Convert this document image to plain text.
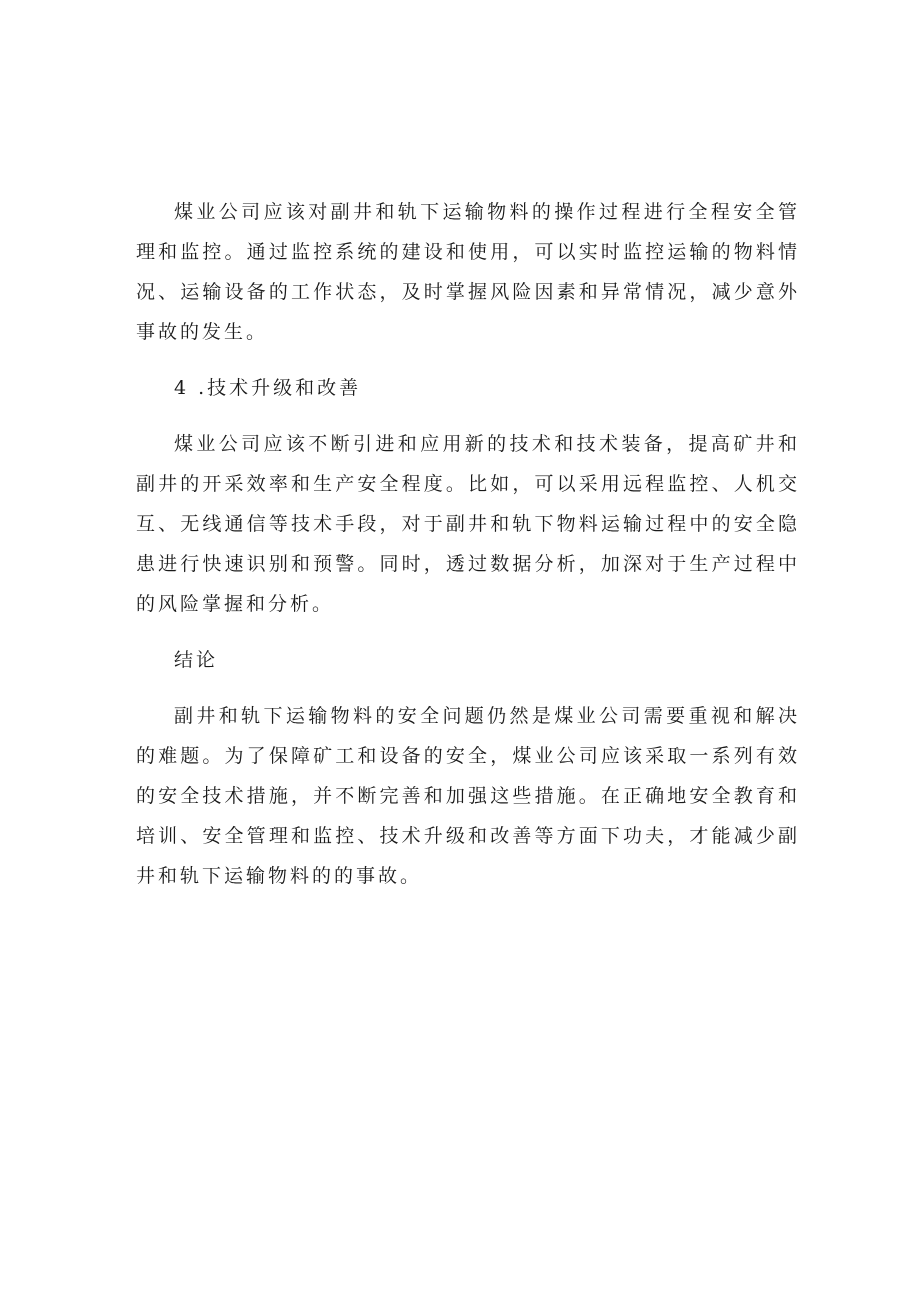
煤业公司应该对副井和轨下运输物料的操作过程进行全程安全管理和监控。通过监控系统的建设和使用，可以实时监控运输的物料情况、运输设备的工作状态，及时掌握风险因素和异常情况，减少意外事故的发生。

4 .技术升级和改善

煤业公司应该不断引进和应用新的技术和技术装备，提高矿井和副井的开采效率和生产安全程度。比如，可以采用远程监控、人机交互、无线通信等技术手段，对于副井和轨下物料运输过程中的安全隐患进行快速识别和预警。同时，透过数据分析，加深对于生产过程中的风险掌握和分析。

结论

副井和轨下运输物料的安全问题仍然是煤业公司需要重视和解决的难题。为了保障矿工和设备的安全，煤业公司应该采取一系列有效的安全技术措施，并不断完善和加强这些措施。在正确地安全教育和培训、安全管理和监控、技术升级和改善等方面下功夫，才能减少副井和轨下运输物料的的事故。
